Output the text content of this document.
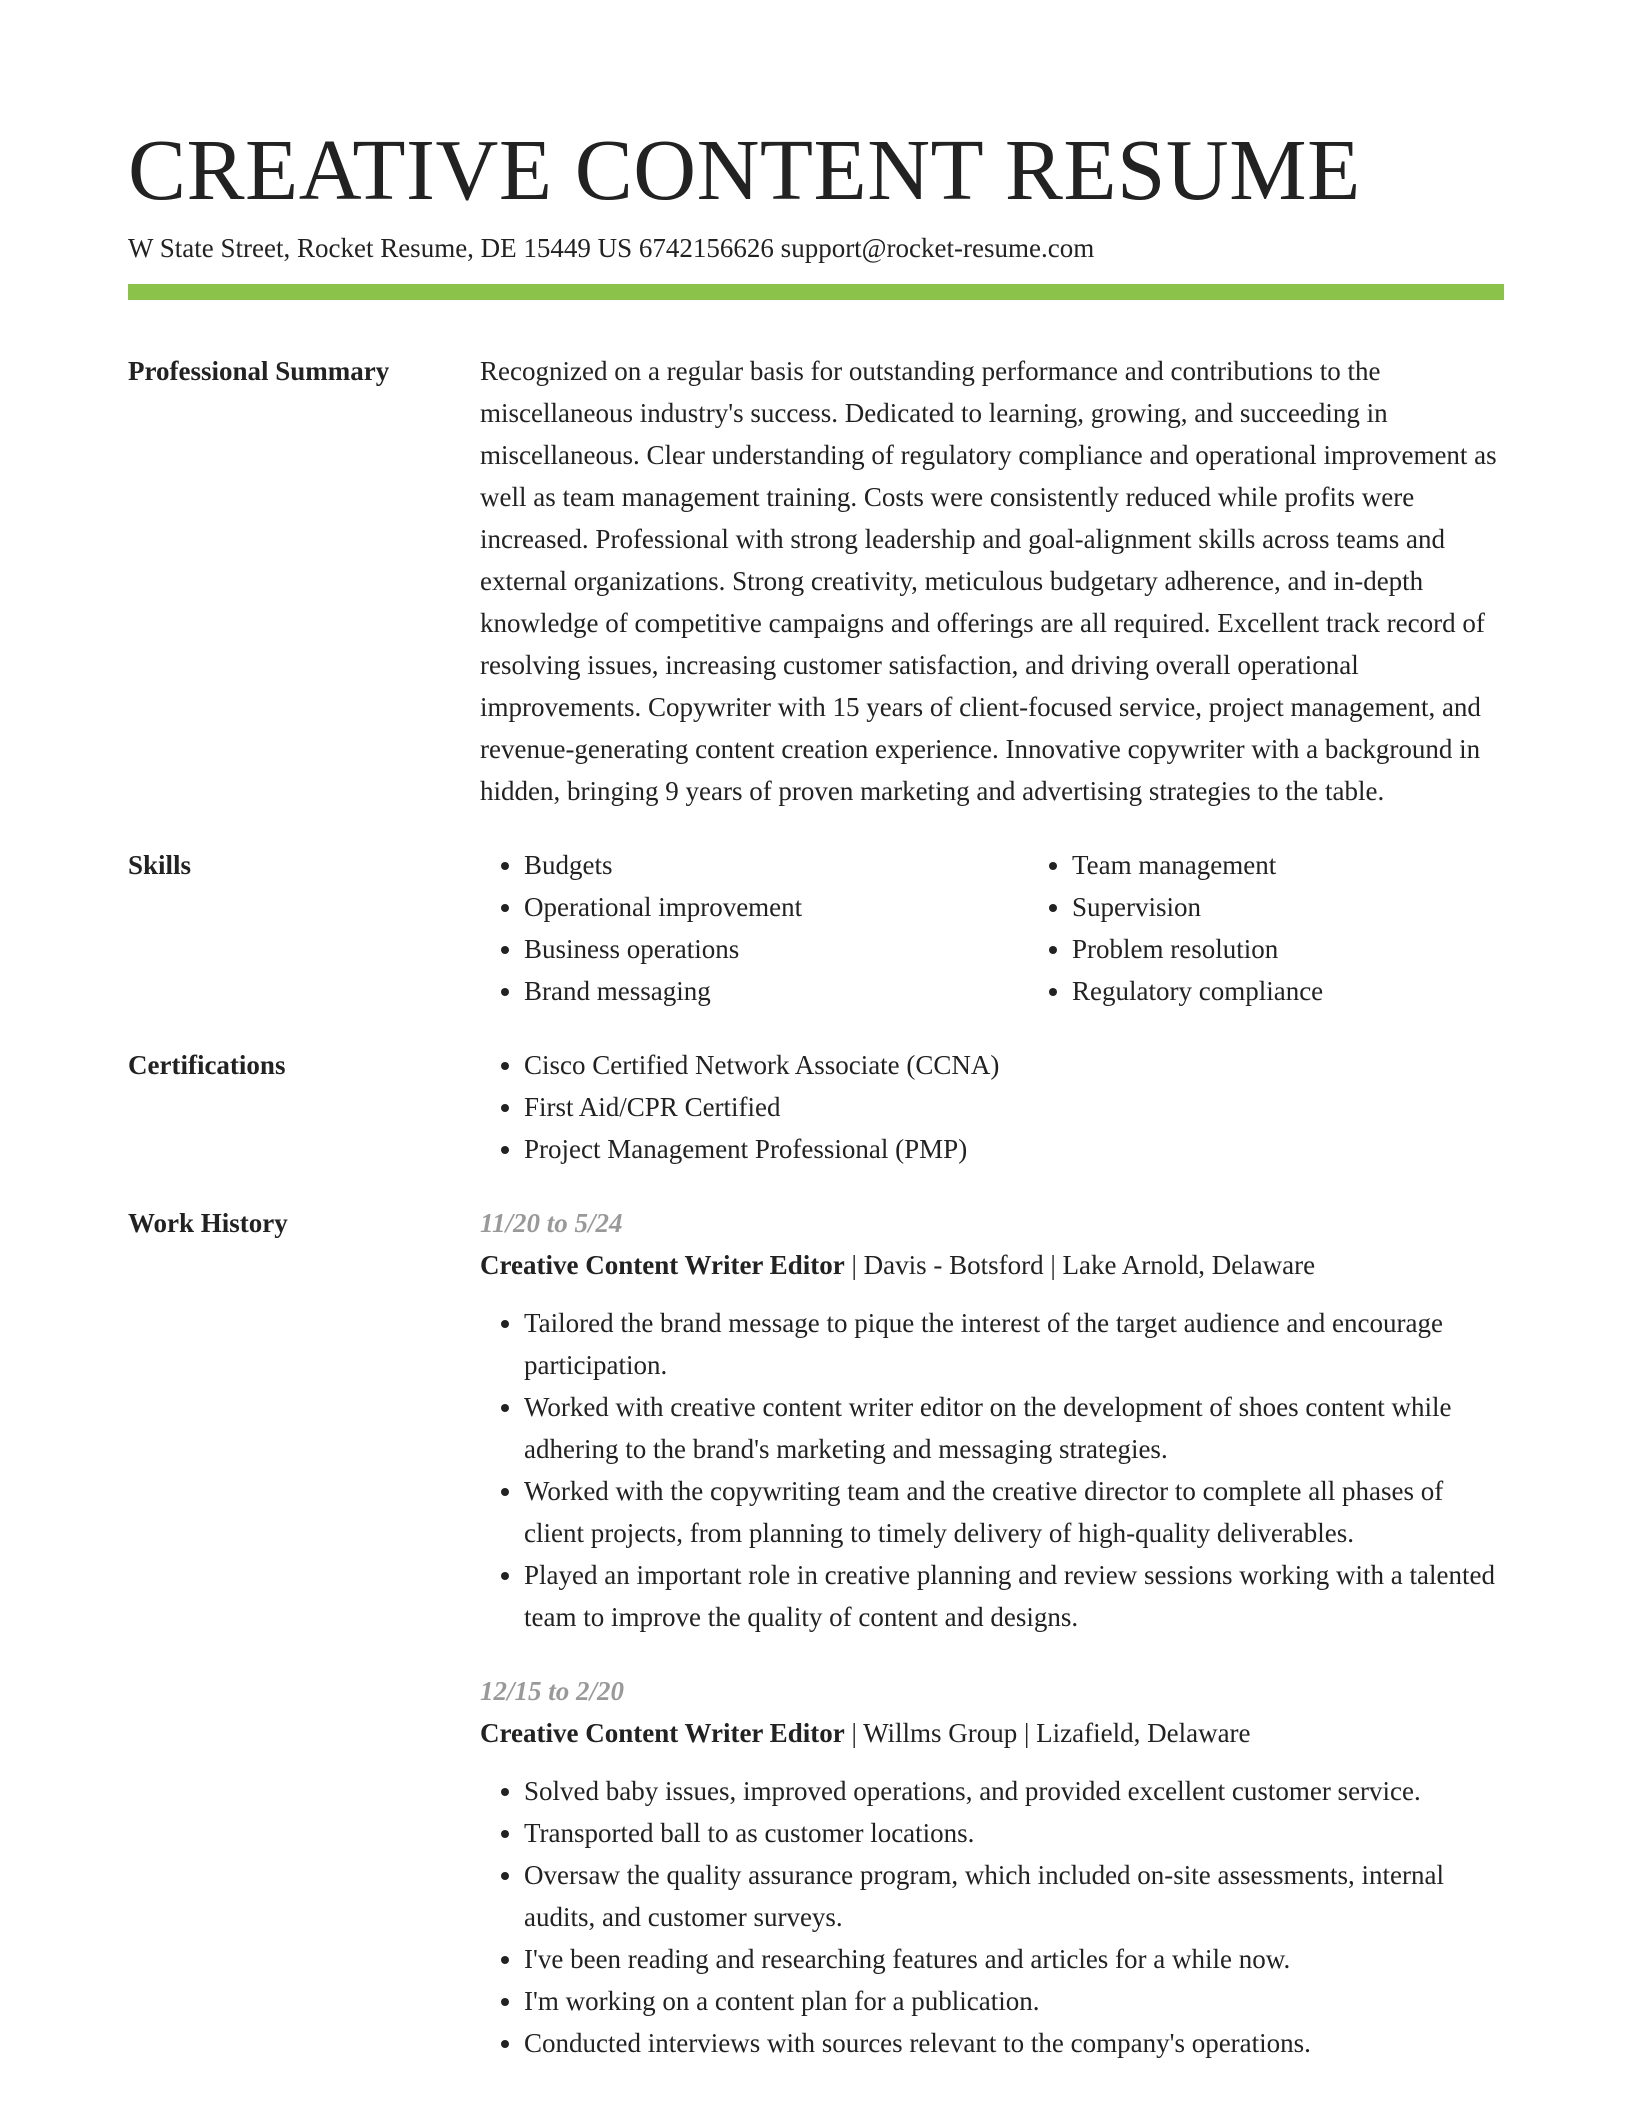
CREATIVE CONTENT RESUME
W State Street, Rocket Resume, DE 15449 US 6742156626 support@rocket-resume.com
Professional Summary	Recognized on a regular basis for outstanding performance and contributions to the miscellaneous industry's success. Dedicated to learning, growing, and succeeding in miscellaneous. Clear understanding of regulatory compliance and operational improvement as well as team management training. Costs were consistently reduced while profits were increased. Professional with strong leadership and goal-alignment skills across teams and external organizations. Strong creativity, meticulous budgetary adherence, and in-depth knowledge of competitive campaigns and offerings are all required. Excellent track record of resolving issues, increasing customer satisfaction, and driving overall operational improvements. Copywriter with 15 years of client-focused service, project management, and revenue-generating content creation experience. Innovative copywriter with a background in hidden, bringing 9 years of proven marketing and advertising strategies to the table.

Skills	• Budgets
• Operational improvement
• Business operations
• Brand messaging
• Team management
• Supervision
• Problem resolution
• Regulatory compliance
Certifications	• Cisco Certified Network Associate (CCNA)
• First Aid/CPR Certified
• Project Management Professional (PMP)
Work History	11/20 to 5/24
Creative Content Writer Editor | Davis - Botsford | Lake Arnold, Delaware
• Tailored the brand message to pique the interest of the target audience and encourage participation.
• Worked with creative content writer editor on the development of shoes content while adhering to the brand's marketing and messaging strategies.
• Worked with the copywriting team and the creative director to complete all phases of client projects, from planning to timely delivery of high-quality deliverables.
• Played an important role in creative planning and review sessions working with a talented team to improve the quality of content and designs.
12/15 to 2/20
Creative Content Writer Editor | Willms Group | Lizafield, Delaware
• Solved baby issues, improved operations, and provided excellent customer service.
• Transported ball to as customer locations.
• Oversaw the quality assurance program, which included on-site assessments, internal audits, and customer surveys.
• I've been reading and researching features and articles for a while now.
• I'm working on a content plan for a publication.
• Conducted interviews with sources relevant to the company's operations.
